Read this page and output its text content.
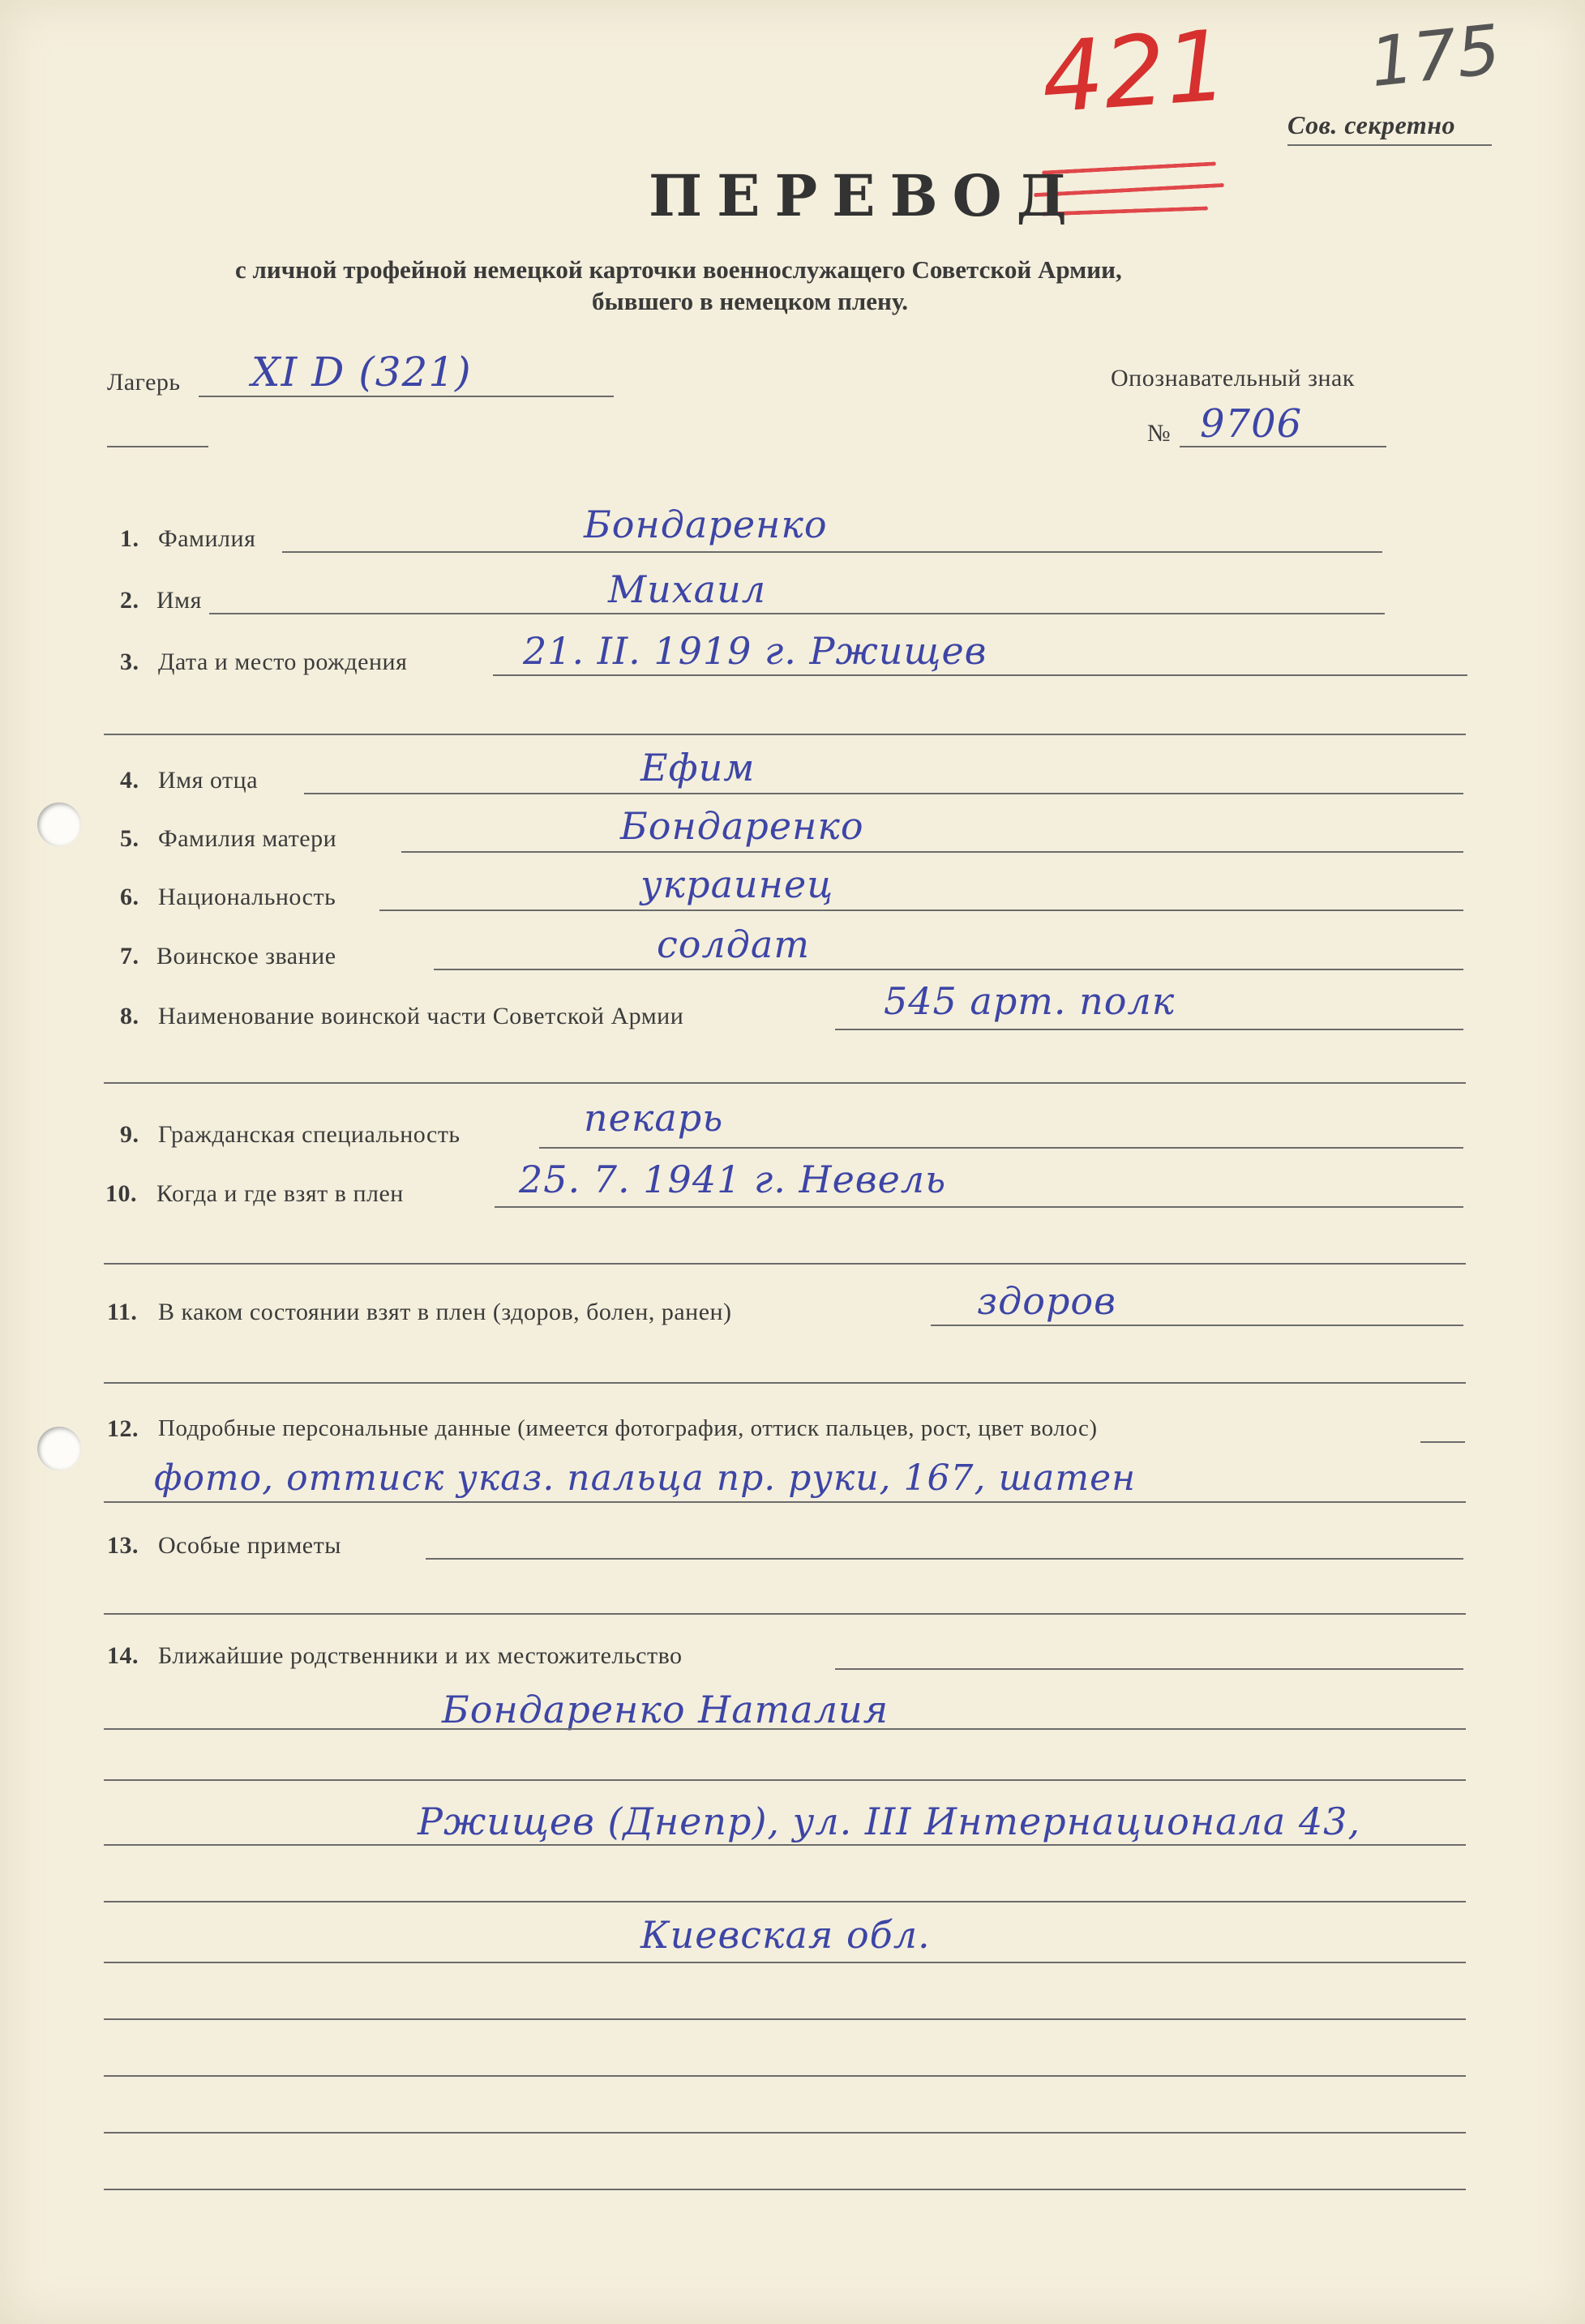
421 175
Сов. секретно
ПЕРЕВОД
с личной трофейной немецкой карточки военнослужащего Советской Армии,
бывшего в немецком плену.
Лагерь XI D (321)	Опознавательный знак
№ 9706
1. Фамилия	Бондаренко
2. Имя	Михаил
3. Дата и место рождения	21. II. 1919 г. Ржищев
4. Имя отца	Ефим
5. Фамилия матери	Бондаренко
6. Национальность	украинец
7. Воинское звание	солдат
8. Наименование воинской части Советской Армии	545 арт. полк
9. Гражданская специальность	пекарь
10. Когда и где взят в плен	25. 7. 1941 г. Невель
11. В каком состоянии взят в плен (здоров, болен, ранен)	здоров
12. Подробные персональные данные (имеется фотография, оттиск пальцев, рост, цвет волос)
фото, оттиск указ. пальца пр. руки, 167, шатен
13. Особые приметы
14. Ближайшие родственники и их местожительство
Бондаренко Наталия
Ржищев (Днепр), ул. III Интернационала 43,
Киевская обл.
